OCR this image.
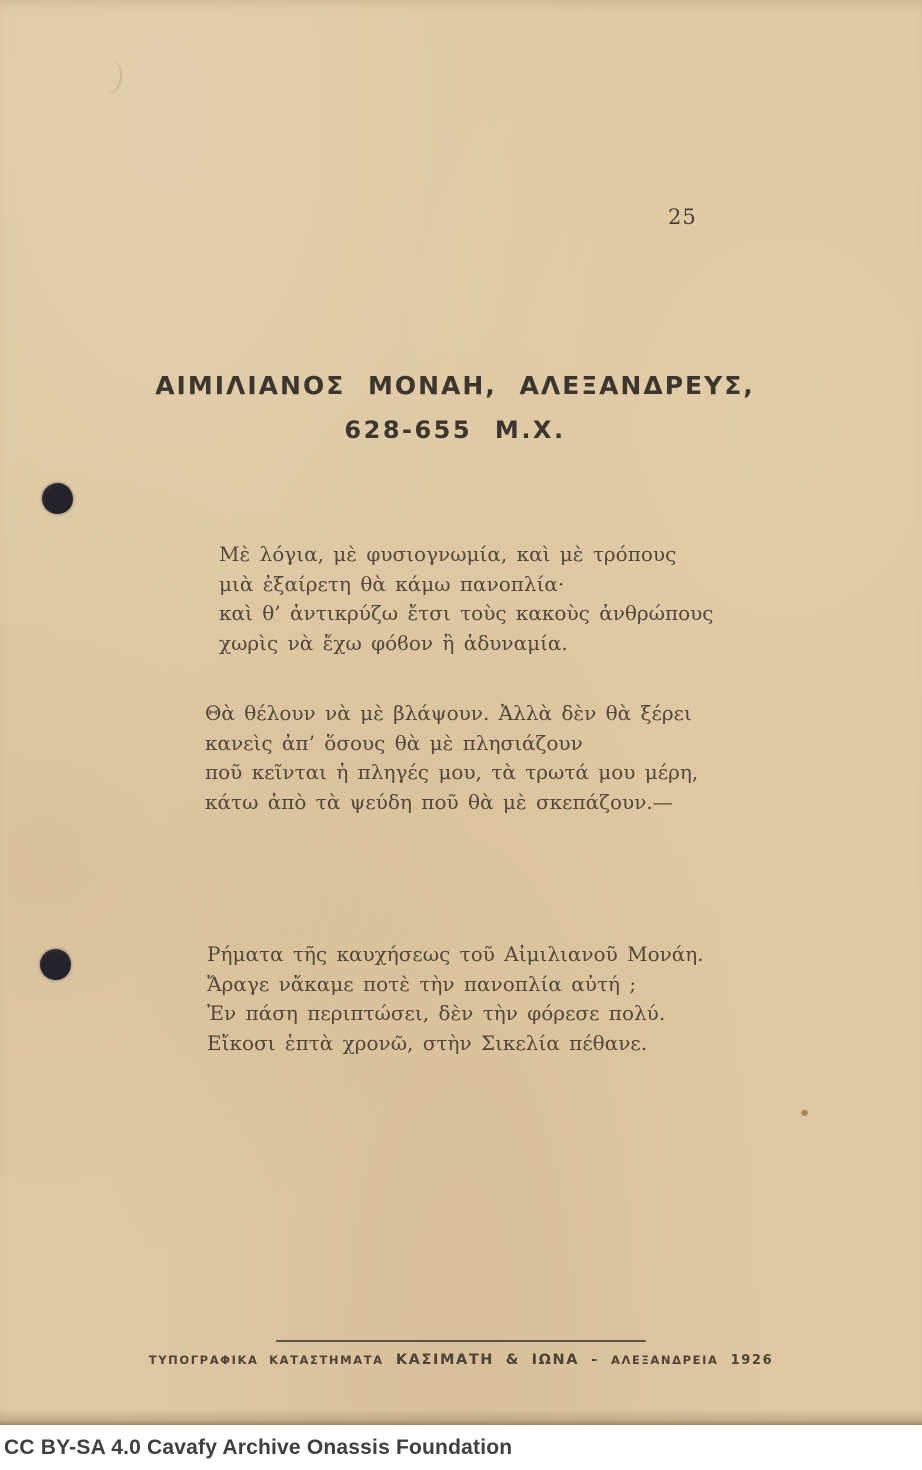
25
ΑΙΜΙΛΙΑΝΟΣ ΜΟΝΑΗ, ΑΛΕΞΑΝΔΡΕΥΣ,
628-655 Μ.Χ.
Μὲ λόγια, μὲ φυσιογνωμία, καὶ μὲ τρόπους
μιὰ ἐξαίρετη θὰ κάμω πανοπλία·
καὶ θ’ ἀντικρύζω ἔτσι τοὺς κακοὺς ἀνθρώπους
χωρὶς νὰ ἔχω φόϐον ἢ ἀδυναμία.
Θὰ θέλουν νὰ μὲ βλάψουν. Ἀλλὰ δὲν θὰ ξέρει
κανεὶς ἀπ’ ὅσους θὰ μὲ πλησιάζουν
ποῦ κεῖνται ἡ πληγές μου, τὰ τρωτά μου μέρη,
κάτω ἀπὸ τὰ ψεύδη ποῦ θὰ μὲ σκεπάζουν.—
Ρήματα τῆς καυχήσεως τοῦ Αἰμιλιανοῦ Μονάη.
Ἄραγε νἄκαμε ποτὲ τὴν πανοπλία αὐτή ;
Ἐν πάση περιπτώσει, δὲν τὴν φόρεσε πολύ.
Εἴκοσι ἑπτὰ χρονῶ, στὴν Σικελία πέθανε.
ΤΥΠΟΓΡΑΦΙΚΑ ΚΑΤΑΣΤΗΜΑΤΑ ΚΑΣΙΜΑΤΗ & ΙΩΝΑ - ΑΛΕΞΑΝΔΡΕΙΑ 1926
CC BY-SA 4.0 Cavafy Archive Onassis Foundation
